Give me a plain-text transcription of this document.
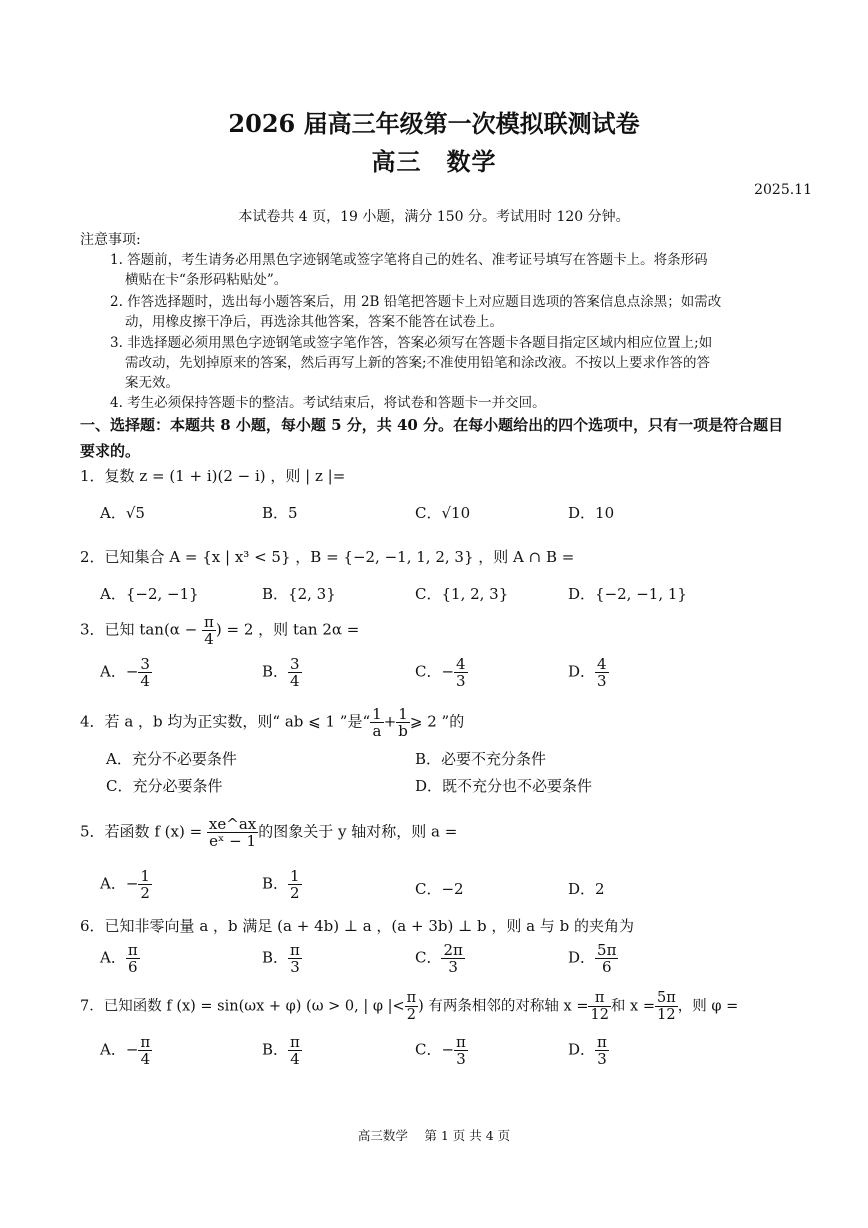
2026 届高三年级第一次模拟联测试卷
高三　数学
2025.11
本试卷共 4 页，19 小题，满分 150 分。考试用时 120 分钟。
注意事项:
1. 答题前，考生请务必用黑色字迹钢笔或签字笔将自己的姓名、准考证号填写在答题卡上。将条形码
横贴在卡“条形码粘贴处”。
2. 作答选择题时，选出每小题答案后，用 2B 铅笔把答题卡上对应题目选项的答案信息点涂黑；如需改
动，用橡皮擦干净后，再选涂其他答案，答案不能答在试卷上。
3. 非选择题必须用黑色字迹钢笔或签字笔作答，答案必须写在答题卡各题目指定区域内相应位置上;如
需改动，先划掉原来的答案，然后再写上新的答案;不准使用铅笔和涂改液。不按以上要求作答的答
案无效。
4. 考生必须保持答题卡的整洁。考试结束后，将试卷和答题卡一并交回。
一、选择题：本题共 8 小题，每小题 5 分，共 40 分。在每小题给出的四个选项中，只有一项是符合题目要求的。
1．复数 z = (1 + i)(2 − i) ，则 | z |=
A．√5	B．5	C．√10	D．10
2．已知集合 A = {x | x³ < 5} ，B = {−2, −1, 1, 2, 3} ，则 A ∩ B =
A．{−2, −1}	B．{2, 3}	C．{1, 2, 3}	D．{−2, −1, 1}
3．已知 $\tan(\alpha - \frac{\pi}{4}$ ) = 2 ，则 tan 2α =
A．− $\frac{3}{4}$	B． $\frac{3}{4}$	C．− $\frac{4}{3}$	D． $\frac{4}{3}$
4．若 a ，b 均为正实数，则“ ab ⩽ 1 ”是“ $\frac{1}{a} + \frac{1}{b}$ ⩾ 2 ”的
A．充分不必要条件	B．必要不充分条件
C．充分必要条件	D．既不充分也不必要条件
5．若函数 f $(x) = \frac{xe\^{}ax}{\text{eˣ − 1}}$ 的图象关于 y 轴对称，则 a =
A．− $\frac{1}{2}$	B． $\frac{1}{2}$	C．−2	D．2
6．已知非零向量 a ，b 满足 (a + 4b) ⊥ a ，(a + 3b) ⊥ b ，则 a 与 b 的夹角为
A． $\frac{\pi}{6}$	B． $\frac{\pi}{3}$	C． $\frac{2\pi}{3}$	D． $\frac{5\pi}{6}$
7．已知函数 f (x) = sin(ωx + φ) (ω > 0, | φ |< $\frac{\pi}{2}$ ) 有两条相邻的对称轴 $x = \frac{\pi}{12}$ 和 $x = \frac{5\pi}{12}$ ，则 φ =
A．− $\frac{\pi}{4}$	B． $\frac{\pi}{4}$	C．− $\frac{\pi}{3}$	D． $\frac{\pi}{3}$
高三数学　 第 1 页 共 4 页
